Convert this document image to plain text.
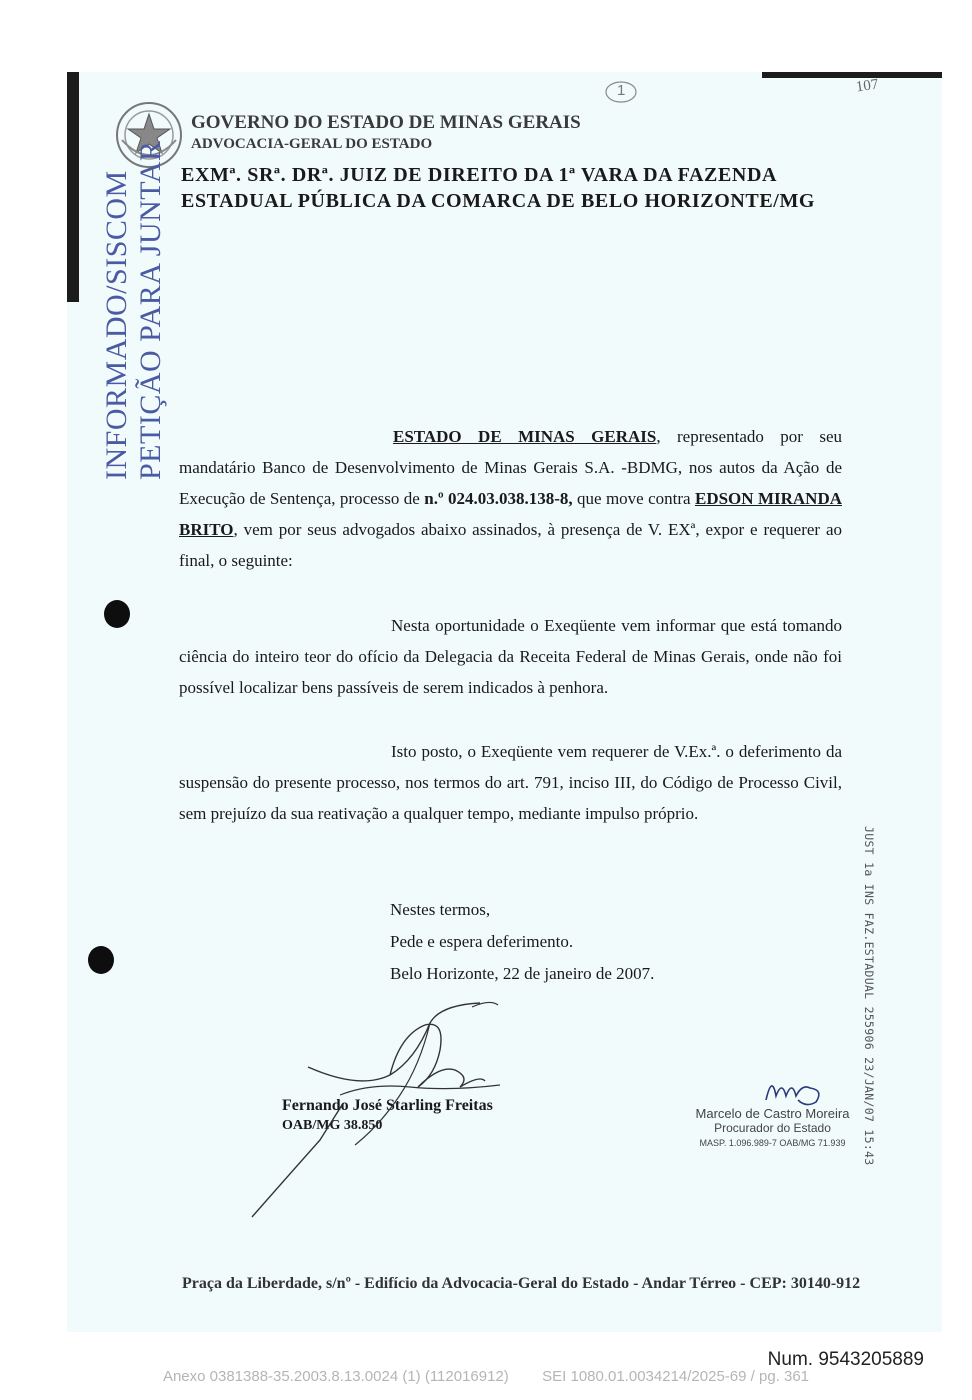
GOVERNO DO ESTADO DE MINAS GERAIS
ADVOCACIA-GERAL DO ESTADO
Praça da Liberdade, s/nº - Edifício da Advocacia-Geral do Estado - Andar Térreo - CEP: 30140-912
1	107
EXMª. SRª. DRª. JUIZ DE DIREITO DA 1ª VARA DA FAZENDA
ESTADUAL PÚBLICA DA COMARCA DE BELO HORIZONTE/MG
INFORMADO/SISCOM PETIÇÃO PARA JUNTAR	ESTADO DE MINAS GERAIS, representado por seu mandatário Banco de Desenvolvimento de Minas Gerais S.A. -BDMG, nos autos da Ação de Execução de Sentença, processo de n.º 024.03.038.138-8, que move contra EDSON MIRANDA BRITO, vem por seus advogados abaixo assinados, à presença de V. EXª, expor e requerer ao final, o seguinte:

Nesta oportunidade o Exeqüente vem informar que está tomando ciência do inteiro teor do ofício da Delegacia da Receita Federal de Minas Gerais, onde não foi possível localizar bens passíveis de serem indicados à penhora.

Isto posto, o Exeqüente vem requerer de V.Ex.ª. o deferimento da suspensão do presente processo, nos termos do art. 791, inciso III, do Código de Processo Civil, sem prejuízo da sua reativação a qualquer tempo, mediante impulso próprio.

Nestes termos,
Pede e espera deferimento.
Belo Horizonte, 22 de janeiro de 2007.
Fernando José Starling Freitas
OAB/MG 38.850
Marcelo de Castro Moreira
Procurador do Estado
MASP. 1.096.989-7 OAB/MG 71.939	JUST 1a INS FAZ.ESTADUAL 255906 23/JAN/07 15:43
Num. 9543205889
Anexo 0381388-35.2003.8.13.0024 (1) (112016912)        SEI 1080.01.0034214/2025-69 / pg. 361
